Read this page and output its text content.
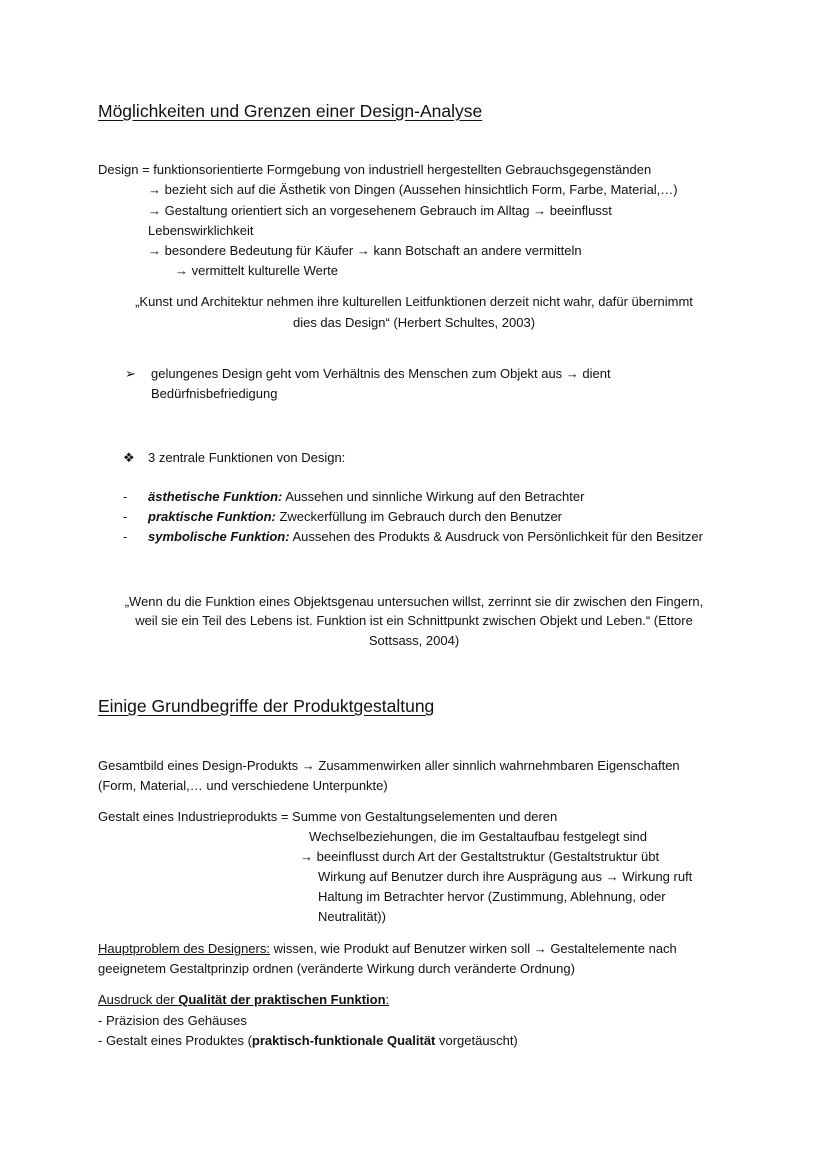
Möglichkeiten und Grenzen einer Design-Analyse
Design = funktionsorientierte Formgebung von industriell hergestellten Gebrauchsgegenständen
→ bezieht sich auf die Ästhetik von Dingen (Aussehen hinsichtlich Form, Farbe, Material,…)
→ Gestaltung orientiert sich an vorgesehenem Gebrauch im Alltag → beeinflusst
Lebenswirklichkeit
→ besondere Bedeutung für Käufer → kann Botschaft an andere vermitteln
→ vermittelt kulturelle Werte
„Kunst und Architektur nehmen ihre kulturellen Leitfunktionen derzeit nicht wahr, dafür übernimmt
dies das Design“ (Herbert Schultes, 2003)
➢ gelungenes Design geht vom Verhältnis des Menschen zum Objekt aus → dient
Bedürfnisbefriedigung
❖ 3 zentrale Funktionen von Design:
- ästhetische Funktion: Aussehen und sinnliche Wirkung auf den Betrachter
- praktische Funktion: Zweckerfüllung im Gebrauch durch den Benutzer
- symbolische Funktion: Aussehen des Produkts & Ausdruck von Persönlichkeit für den Besitzer
„Wenn du die Funktion eines Objektsgenau untersuchen willst, zerrinnt sie dir zwischen den Fingern,
weil sie ein Teil des Lebens ist. Funktion ist ein Schnittpunkt zwischen Objekt und Leben.“ (Ettore
Sottsass, 2004)
Einige Grundbegriffe der Produktgestaltung
Gesamtbild eines Design-Produkts → Zusammenwirken aller sinnlich wahrnehmbaren Eigenschaften
(Form, Material,… und verschiedene Unterpunkte)
Gestalt eines Industrieprodukts = Summe von Gestaltungselementen und deren
Wechselbeziehungen, die im Gestaltaufbau festgelegt sind
→ beeinflusst durch Art der Gestaltstruktur (Gestaltstruktur übt
Wirkung auf Benutzer durch ihre Ausprägung aus → Wirkung ruft
Haltung im Betrachter hervor (Zustimmung, Ablehnung, oder
Neutralität))
Hauptproblem des Designers: wissen, wie Produkt auf Benutzer wirken soll → Gestaltelemente nach
geeignetem Gestaltprinzip ordnen (veränderte Wirkung durch veränderte Ordnung)
Ausdruck der Qualität der praktischen Funktion:
- Präzision des Gehäuses
- Gestalt eines Produktes (praktisch-funktionale Qualität vorgetäuscht)
